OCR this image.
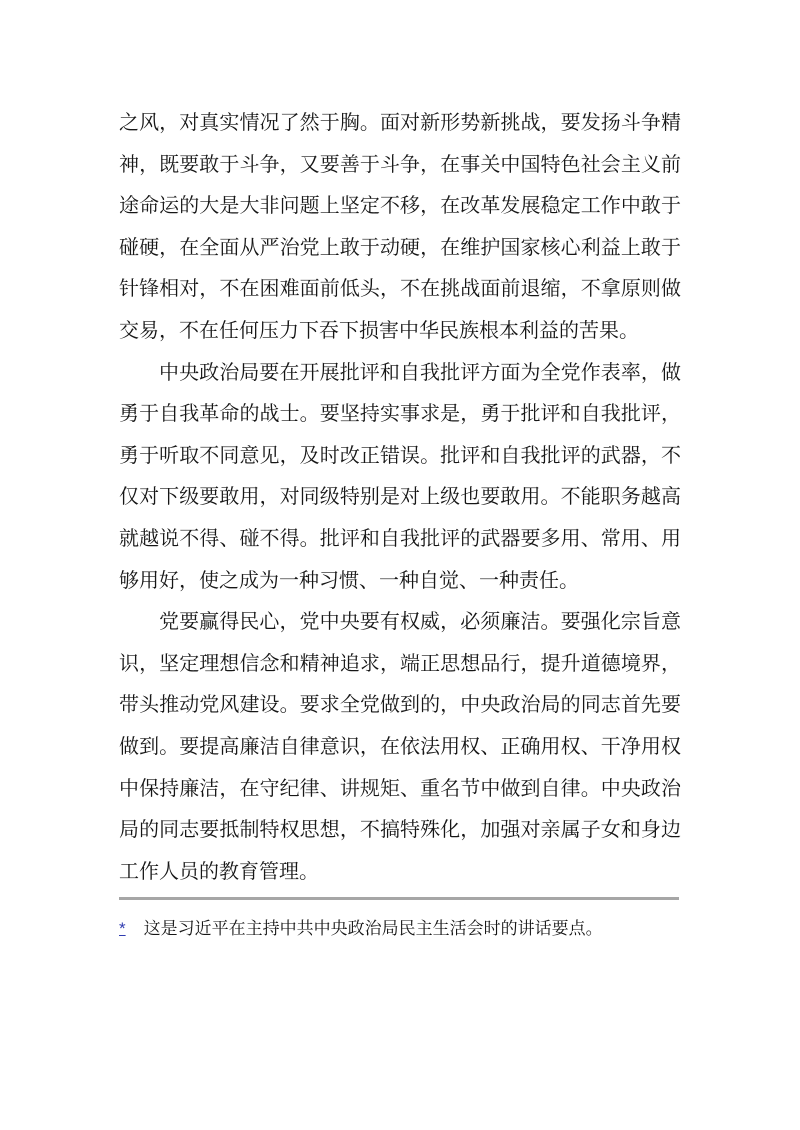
之风，对真实情况了然于胸。面对新形势新挑战，要发扬斗争精神，既要敢于斗争，又要善于斗争，在事关中国特色社会主义前途命运的大是大非问题上坚定不移，在改革发展稳定工作中敢于碰硬，在全面从严治党上敢于动硬，在维护国家核心利益上敢于针锋相对，不在困难面前低头，不在挑战面前退缩，不拿原则做交易，不在任何压力下吞下损害中华民族根本利益的苦果。

中央政治局要在开展批评和自我批评方面为全党作表率，做勇于自我革命的战士。要坚持实事求是，勇于批评和自我批评，勇于听取不同意见，及时改正错误。批评和自我批评的武器，不仅对下级要敢用，对同级特别是对上级也要敢用。不能职务越高就越说不得、碰不得。批评和自我批评的武器要多用、常用、用够用好，使之成为一种习惯、一种自觉、一种责任。

党要赢得民心，党中央要有权威，必须廉洁。要强化宗旨意识，坚定理想信念和精神追求，端正思想品行，提升道德境界，带头推动党风建设。要求全党做到的，中央政治局的同志首先要做到。要提高廉洁自律意识，在依法用权、正确用权、干净用权中保持廉洁，在守纪律、讲规矩、重名节中做到自律。中央政治局的同志要抵制特权思想，不搞特殊化，加强对亲属子女和身边工作人员的教育管理。

* 这是习近平在主持中共中央政治局民主生活会时的讲话要点。
